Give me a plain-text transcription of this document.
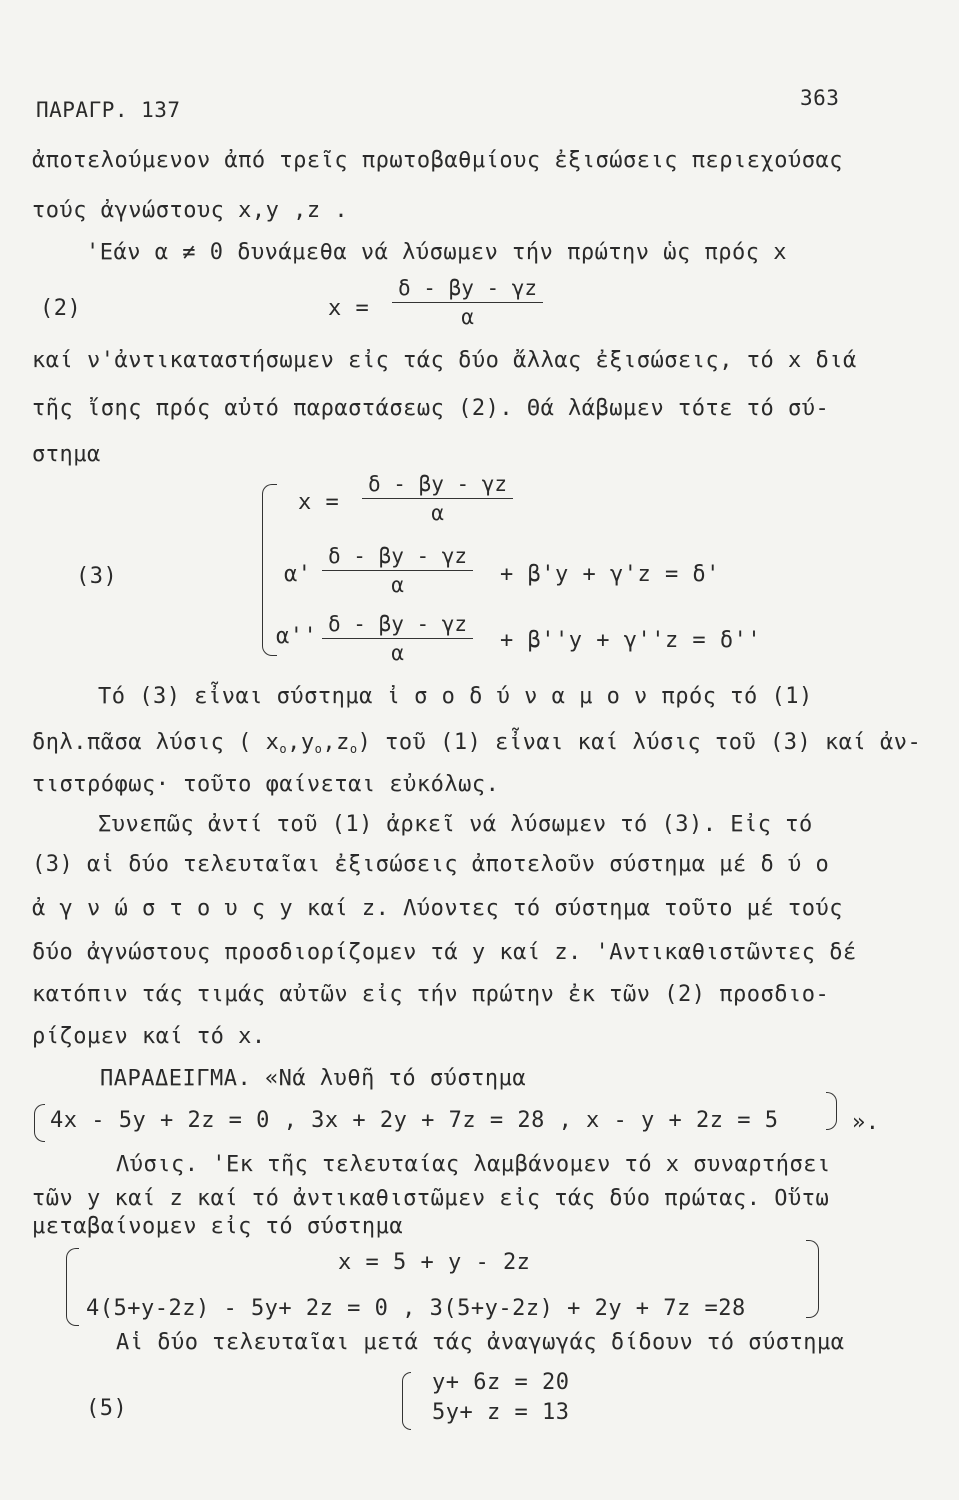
ΠΑΡΑΓΡ. 137	363
ἀποτελούμενον ἀπό τρεῖς πρωτοβαθμίους ἐξισώσεις περιεχούσας
τούς ἀγνώστους x,y ,z .
'Εάν α ≠ 0 δυνάμεθα νά λύσωμεν τήν πρώτην ὡς πρός x
(2)	$x = \frac{\delta - \beta y - \gamma z}{\alpha}$
καί ν'ἀντικαταστήσωμεν εἰς τάς δύο ἄλλας ἐξισώσεις, τό x διά
τῆς ἴσης πρός αὐτό παραστάσεως (2). Θά λάβωμεν τότε τό σύ-
στημα
(3)
$x = \frac{\delta - \beta y - \gamma z}{\alpha}$
$\alpha' \frac{\delta - \beta y - \gamma z}{\alpha} + \beta'y + \gamma'z = \delta'$
$\alpha'' \frac{\delta - \beta y - \gamma z}{\alpha} + \beta''y + \gamma''z = \delta''$
Τό (3) εἶναι σύστημα ἰ σ ο δ ύ ν α μ ο ν πρός τό (1)
δηλ.πᾶσα λύσις ( $x_o,y_o,z_o$) τοῦ (1) εἶναι καί λύσις τοῦ (3) καί ἀν-
τιστρόφως· τοῦτο φαίνεται εὐκόλως.
Συνεπῶς ἀντί τοῦ (1) ἀρκεῖ νά λύσωμεν τό (3). Εἰς τό
(3) αἱ δύο τελευταῖαι ἐξισώσεις ἀποτελοῦν σύστημα μέ δ ύ ο
ἀ γ ν ώ σ τ ο υ ς y καί z. Λύοντες τό σύστημα τοῦτο μέ τούς
δύο ἀγνώστους προσδιορίζομεν τά y καί z. 'Αντικαθιστῶντες δέ
κατόπιν τάς τιμάς αὐτῶν εἰς τήν πρώτην ἐκ τῶν (2) προσδιο-
ρίζομεν καί τό x.
ΠΑΡΑΔΕΙΓΜΑ. «Νά λυθῆ τό σύστημα
4x - 5y + 2z = 0 , 3x + 2y + 7z = 28 , x - y + 2z = 5	».
Λύσις. 'Εκ τῆς τελευταίας λαμβάνομεν τό x συναρτήσει
τῶν y καί z καί τό ἀντικαθιστῶμεν εἰς τάς δύο πρώτας. Οὕτω
μεταβαίνομεν εἰς τό σύστημα
x = 5 + y - 2z
4(5+y-2z) - 5y+ 2z = 0 , 3(5+y-2z) + 2y + 7z =28
Αἱ δύο τελευταῖαι μετά τάς ἀναγωγάς δίδουν τό σύστημα
(5)
y+ 6z = 20
5y+ z = 13
